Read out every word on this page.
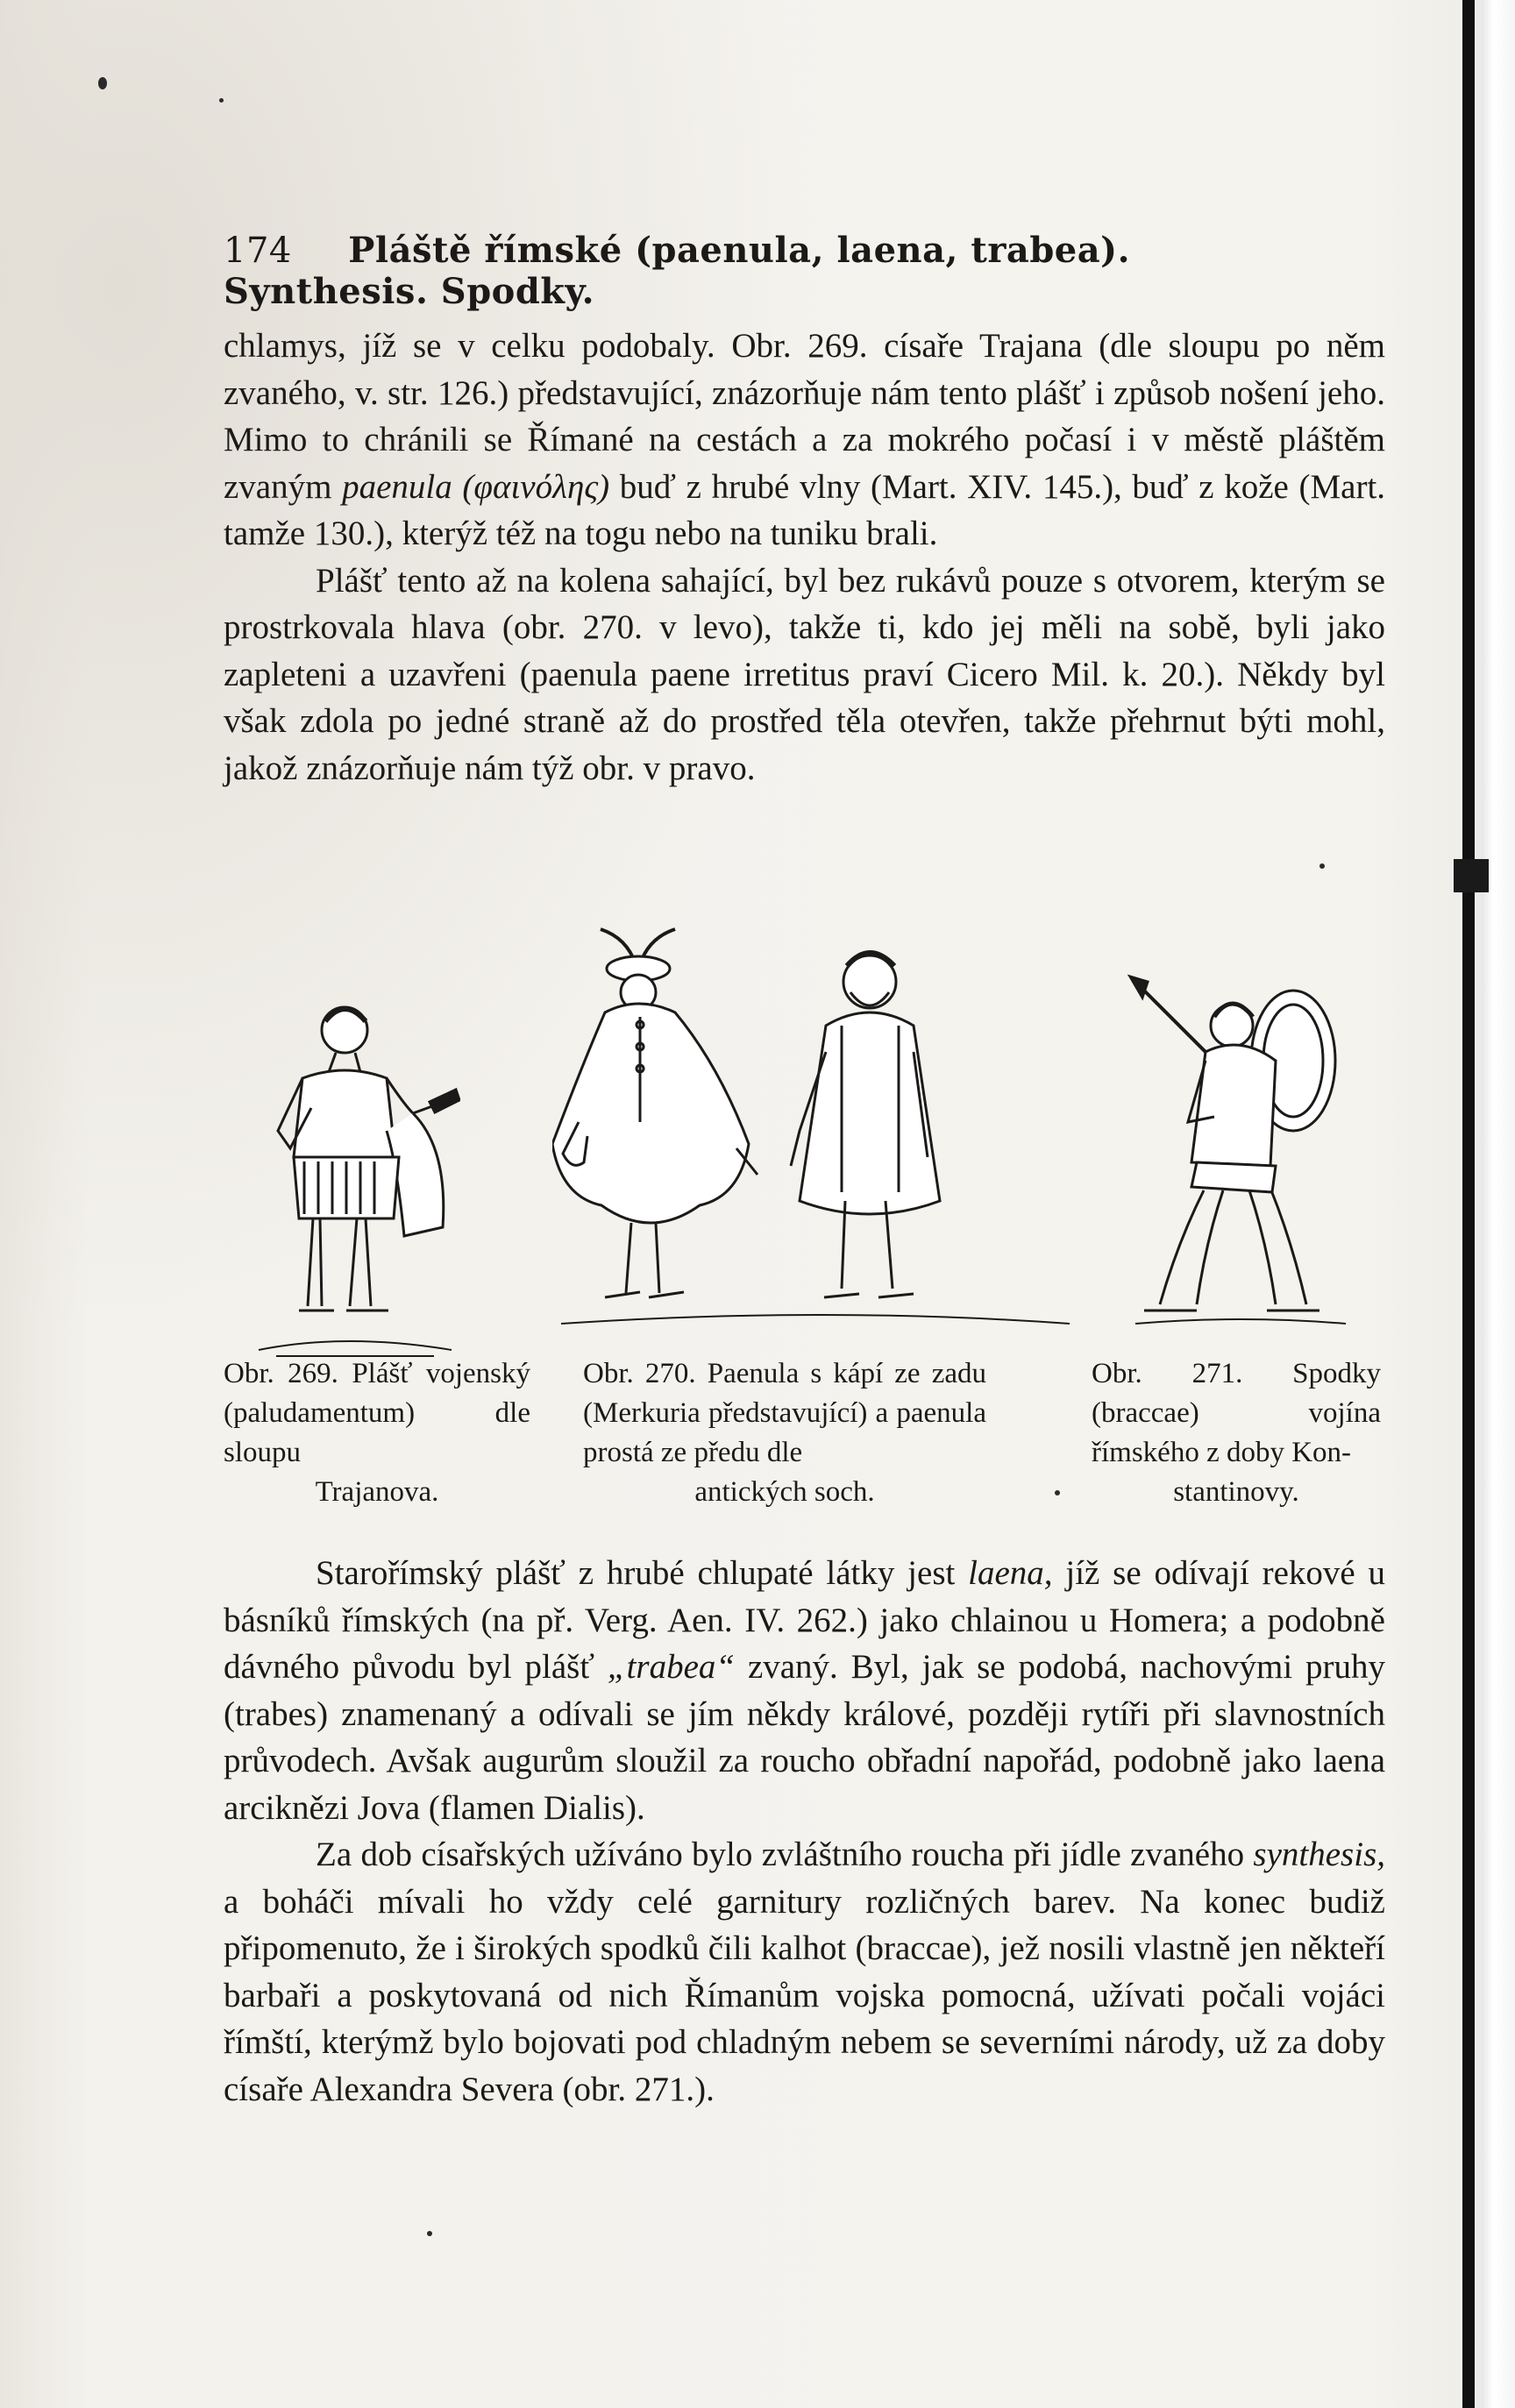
174 Pláště římské (paenula, laena, trabea). Synthesis. Spodky.

chlamys, jíž se v celku podobaly. Obr. 269. císaře Trajana (dle sloupu po něm zvaného, v. str. 126.) představující, znázorňuje nám tento plášť i způsob nošení jeho. Mimo to chránili se Římané na cestách a za mokrého počasí i v městě pláštěm zvaným paenula (φαινόλης) buď z hrubé vlny (Mart. XIV. 145.), buď z kože (Mart. tamže 130.), kterýž též na togu nebo na tuniku brali.

Plášť tento až na kolena sahající, byl bez rukávů pouze s otvorem, kterým se prostrkovala hlava (obr. 270. v levo), takže ti, kdo jej měli na sobě, byli jako zapleteni a uzavřeni (paenula paene irretitus praví Cicero Mil. k. 20.). Někdy byl však zdola po jedné straně až do prostřed těla otevřen, takže přehrnut býti mohl, jakož znázorňuje nám týž obr. v pravo.

Obr. 269. Plášť vojenský (paludamentum) dle sloupu
Trajanova.
Obr. 270. Paenula s kápí ze zadu (Merkuria představující) a paenula prostá ze předu dle
antických soch.
Obr. 271. Spodky (braccae) vojína římského z doby Kon-
stantinovy.

Starořímský plášť z hrubé chlupaté látky jest laena, jíž se odívají rekové u básníků římských (na př. Verg. Aen. IV. 262.) jako chlainou u Homera; a podobně dávného původu byl plášť „trabea“ zvaný. Byl, jak se podobá, nachovými pruhy (trabes) znamenaný a odívali se jím někdy králové, později rytíři při slavnostních průvodech. Avšak augurům sloužil za roucho obřadní napořád, podobně jako laena arciknězi Jova (flamen Dialis).

Za dob císařských užíváno bylo zvláštního roucha při jídle zvaného synthesis, a boháči mívali ho vždy celé garnitury rozličných barev. Na konec budiž připomenuto, že i širokých spodků čili kalhot (braccae), jež nosili vlastně jen někteří barbaři a poskytovaná od nich Římanům vojska pomocná, užívati počali vojáci římští, kterýmž bylo bojovati pod chladným nebem se severními národy, už za doby císaře Alexandra Severa (obr. 271.).
